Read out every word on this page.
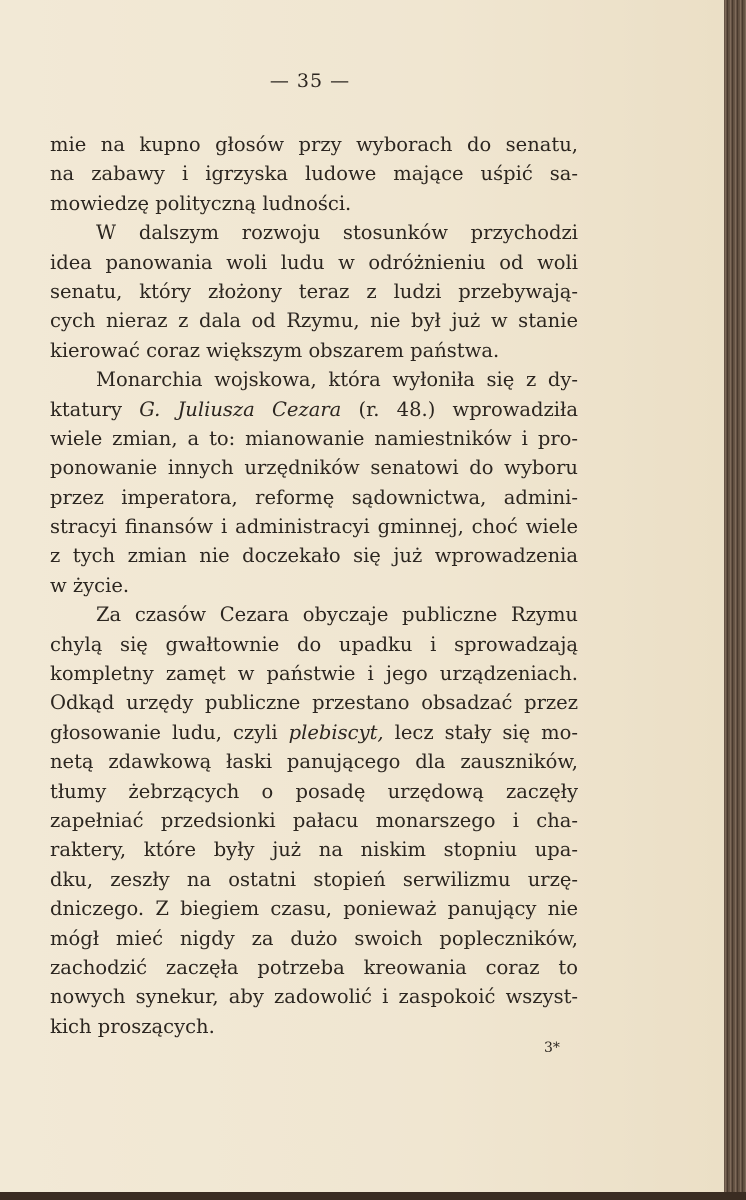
— 35 —
mie na kupno głosów przy wyborach do senatu,
na zabawy i igrzyska ludowe mające uśpić sa-
mowiedzę polityczną ludności.
W dalszym rozwoju stosunków przychodzi
idea panowania woli ludu w odróżnieniu od woli
senatu, który złożony teraz z ludzi przebywają-
cych nieraz z dala od Rzymu, nie był już w stanie
kierować coraz większym obszarem państwa.
Monarchia wojskowa, która wyłoniła się z dy-
ktatury G. Juliusza Cezara (r. 48.) wprowadziła
wiele zmian, a to: mianowanie namiestników i pro-
ponowanie innych urzędników senatowi do wyboru
przez imperatora, reformę sądownictwa, admini-
stracyi finansów i administracyi gminnej, choć wiele
z tych zmian nie doczekało się już wprowadzenia
w życie.
Za czasów Cezara obyczaje publiczne Rzymu
chylą się gwałtownie do upadku i sprowadzają
kompletny zamęt w państwie i jego urządzeniach.
Odkąd urzędy publiczne przestano obsadzać przez
głosowanie ludu, czyli plebiscyt, lecz stały się mo-
netą zdawkową łaski panującego dla zauszników,
tłumy żebrzących o posadę urzędową zaczęły
zapełniać przedsionki pałacu monarszego i cha-
raktery, które były już na niskim stopniu upa-
dku, zeszły na ostatni stopień serwilizmu urzę-
dniczego. Z biegiem czasu, ponieważ panujący nie
mógł mieć nigdy za dużo swoich popleczników,
zachodzić zaczęła potrzeba kreowania coraz to
nowych synekur, aby zadowolić i zaspokoić wszyst-
kich proszących.
3*
